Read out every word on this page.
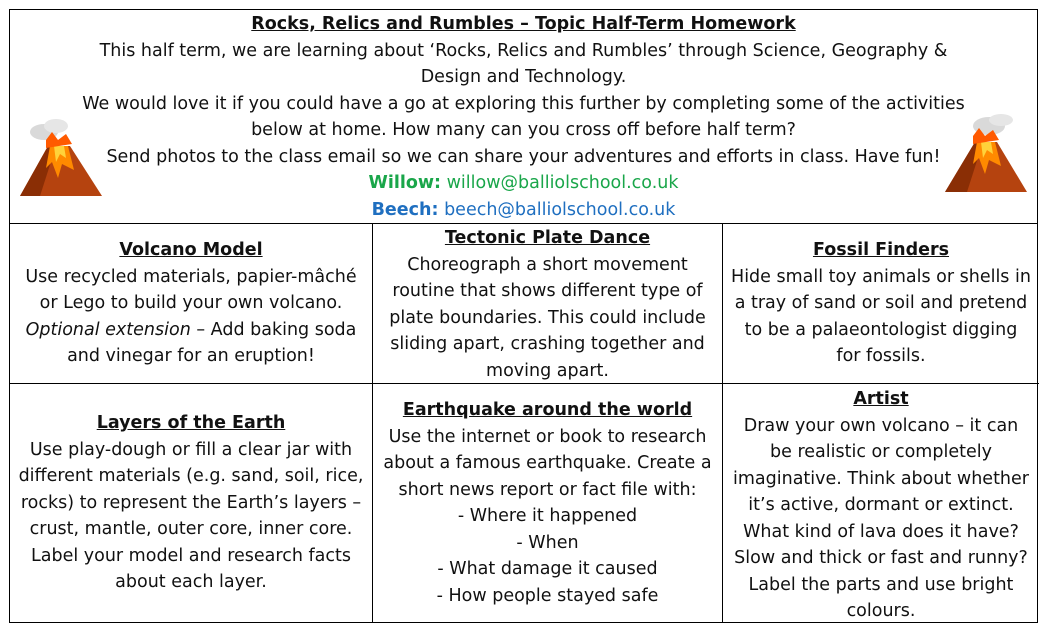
Rocks, Relics and Rumbles – Topic Half-Term Homework
This half term, we are learning about ‘Rocks, Relics and Rumbles’ through Science, Geography & Design and Technology.
We would love it if you could have a go at exploring this further by completing some of the activities below at home. How many can you cross off before half term?
Send photos to the class email so we can share your adventures and efforts in class. Have fun!
Willow: willow@balliolschool.co.uk
Beech: beech@balliolschool.co.uk
Volcano Model
Use recycled materials, papier-mâché or Lego to build your own volcano. Optional extension – Add baking soda and vinegar for an eruption!
Tectonic Plate Dance
Choreograph a short movement routine that shows different type of plate boundaries. This could include sliding apart, crashing together and moving apart.
Fossil Finders
Hide small toy animals or shells in a tray of sand or soil and pretend to be a palaeontologist digging for fossils.
Layers of the Earth
Use play-dough or fill a clear jar with different materials (e.g. sand, soil, rice, rocks) to represent the Earth’s layers – crust, mantle, outer core, inner core. Label your model and research facts about each layer.
Earthquake around the world
Use the internet or book to research about a famous earthquake. Create a short news report or fact file with:
- Where it happened
- When
- What damage it caused
- How people stayed safe
Artist
Draw your own volcano – it can be realistic or completely imaginative. Think about whether it’s active, dormant or extinct. What kind of lava does it have? Slow and thick or fast and runny? Label the parts and use bright colours.
